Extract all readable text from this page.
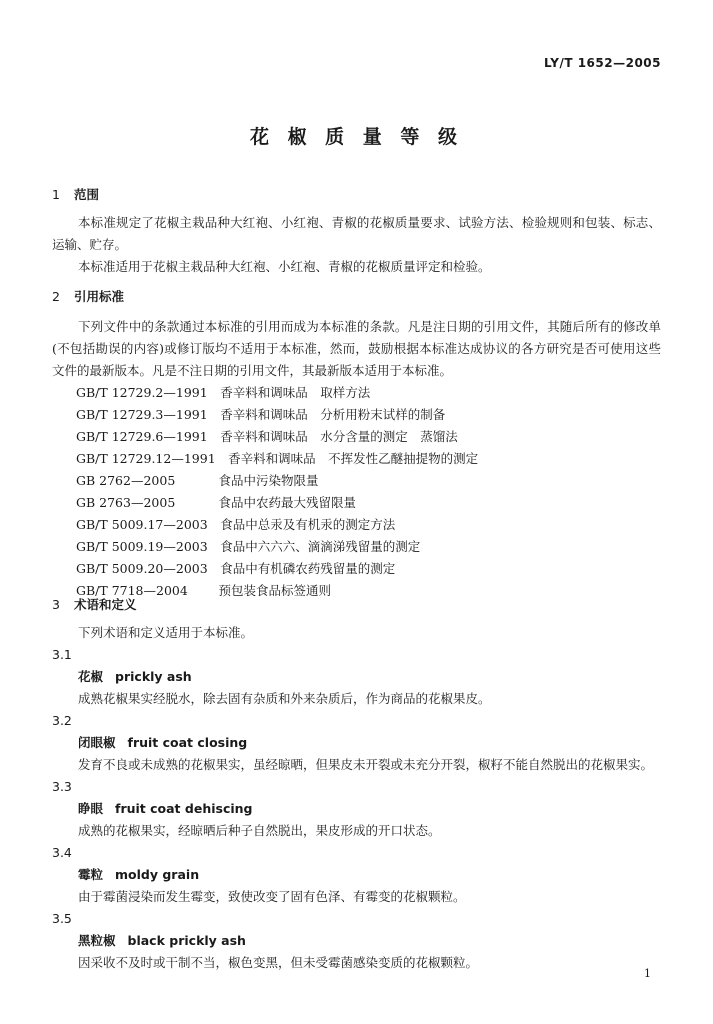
LY/T 1652—2005
花 椒 质 量 等 级
1 范围
本标准规定了花椒主栽品种大红袍、小红袍、青椒的花椒质量要求、试验方法、检验规则和包装、标志、运输、贮存。
本标准适用于花椒主栽品种大红袍、小红袍、青椒的花椒质量评定和检验。
2 引用标准
下列文件中的条款通过本标准的引用而成为本标准的条款。凡是注日期的引用文件，其随后所有的修改单(不包括勘误的内容)或修订版均不适用于本标准，然而，鼓励根据本标准达成协议的各方研究是否可使用这些文件的最新版本。凡是不注日期的引用文件，其最新版本适用于本标准。
GB/T 12729.2—1991　 香辛料和调味品　取样方法
GB/T 12729.3—1991　 香辛料和调味品　分析用粉末试样的制备
GB/T 12729.6—1991　 香辛料和调味品　水分含量的测定　蒸馏法
GB/T 12729.12—1991　 香辛料和调味品　不挥发性乙醚抽提物的测定
GB 2762—2005　	食品中污染物限量
GB 2763—2005　	食品中农药最大残留限量
GB/T 5009.17—2003　 食品中总汞及有机汞的测定方法
GB/T 5009.19—2003　 食品中六六六、滴滴涕残留量的测定
GB/T 5009.20—2003　 食品中有机磷农药残留量的测定
GB/T 7718—2004　 预包装食品标签通则
3 术语和定义
下列术语和定义适用于本标准。
3.1
花椒 prickly ash
成熟花椒果实经脱水，除去固有杂质和外来杂质后，作为商品的花椒果皮。
3.2
闭眼椒 fruit coat closing
发育不良或未成熟的花椒果实，虽经晾晒，但果皮未开裂或未充分开裂，椒籽不能自然脱出的花椒果实。
3.3
睁眼 fruit coat dehiscing
成熟的花椒果实，经晾晒后种子自然脱出，果皮形成的开口状态。
3.4
霉粒 moldy grain
由于霉菌浸染而发生霉变，致使改变了固有色泽、有霉变的花椒颗粒。
3.5
黑粒椒 black prickly ash
因采收不及时或干制不当，椒色变黑，但未受霉菌感染变质的花椒颗粒。
1
